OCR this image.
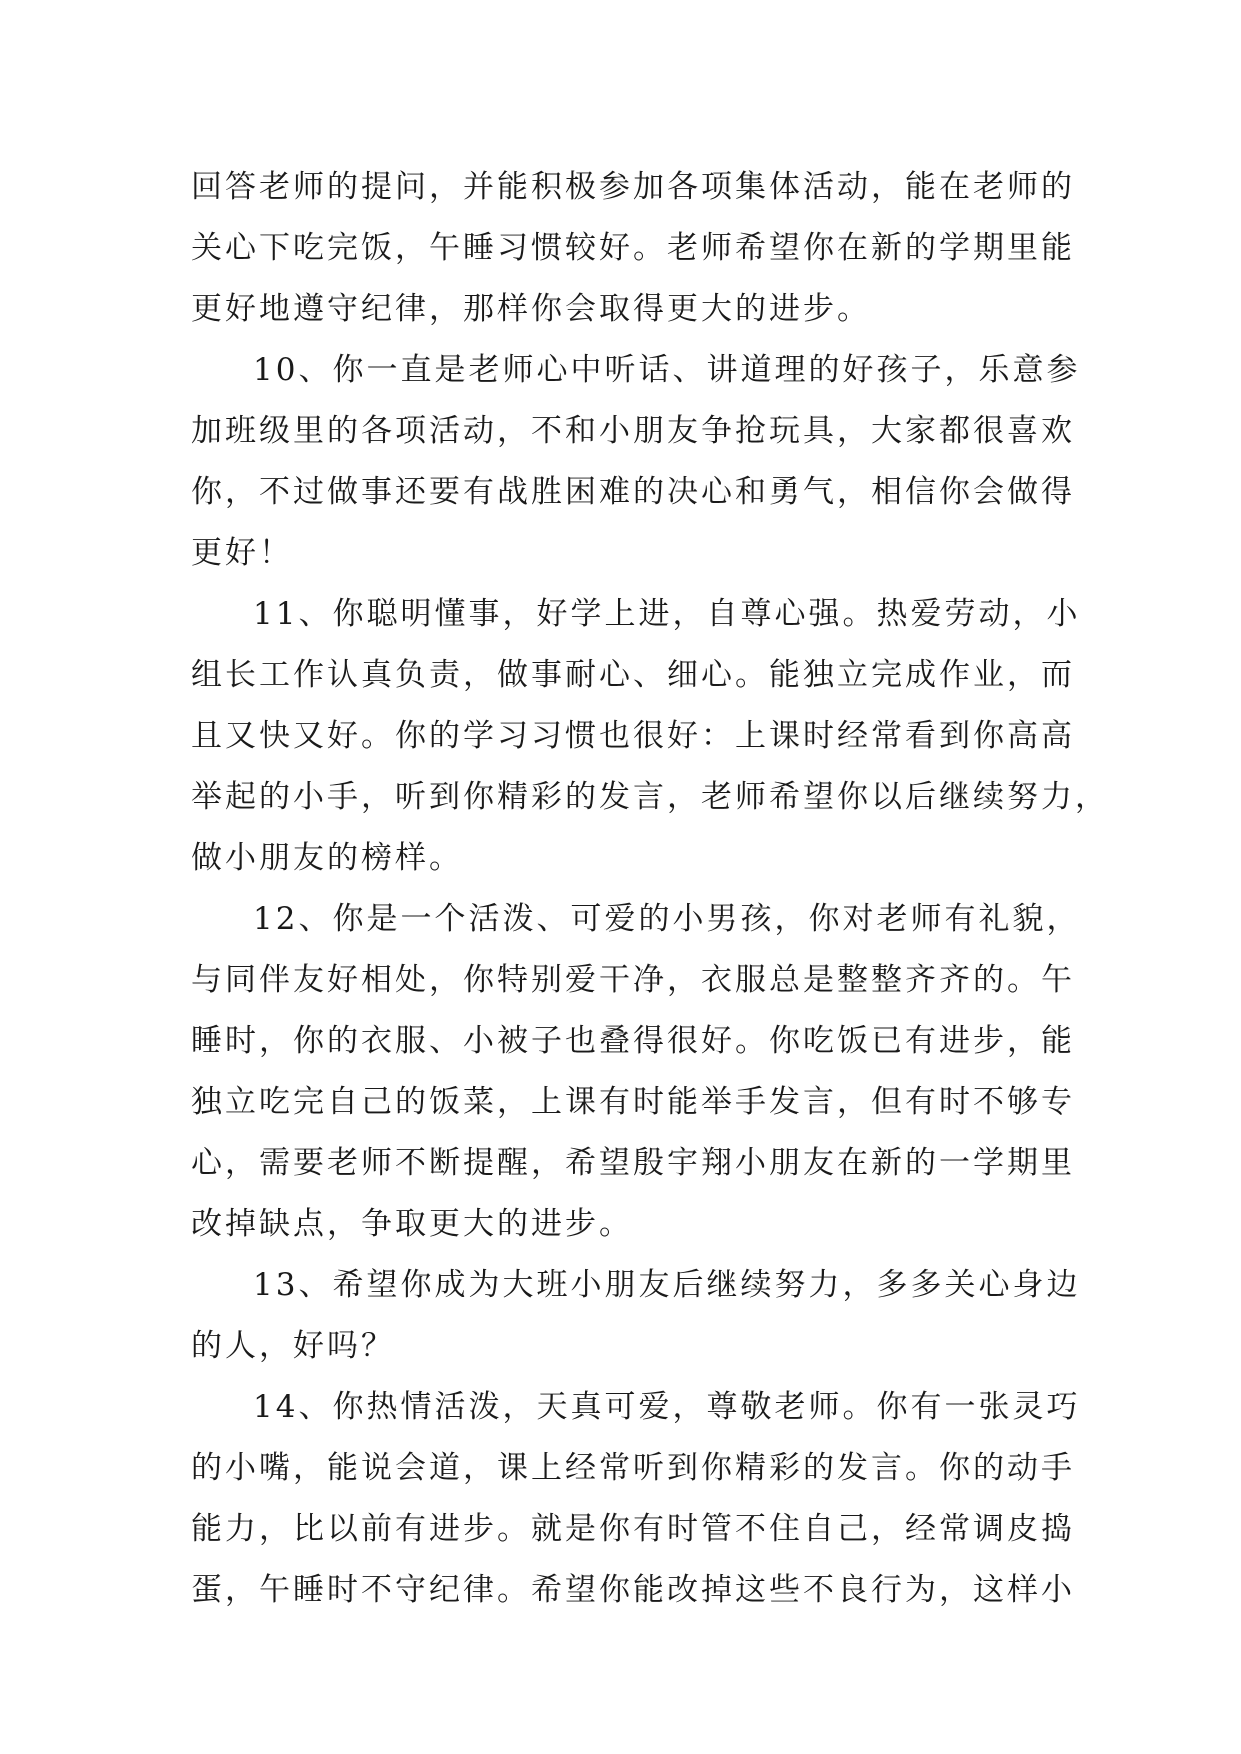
回答老师的提问，并能积极参加各项集体活动，能在老师的
关心下吃完饭，午睡习惯较好。老师希望你在新的学期里能
更好地遵守纪律，那样你会取得更大的进步。
10、你一直是老师心中听话、讲道理的好孩子，乐意参
加班级里的各项活动，不和小朋友争抢玩具，大家都很喜欢
你，不过做事还要有战胜困难的决心和勇气，相信你会做得
更好！
11、你聪明懂事，好学上进，自尊心强。热爱劳动，小
组长工作认真负责，做事耐心、细心。能独立完成作业，而
且又快又好。你的学习习惯也很好：上课时经常看到你高高
举起的小手，听到你精彩的发言，老师希望你以后继续努力，
做小朋友的榜样。
12、你是一个活泼、可爱的小男孩，你对老师有礼貌，
与同伴友好相处，你特别爱干净，衣服总是整整齐齐的。午
睡时，你的衣服、小被子也叠得很好。你吃饭已有进步，能
独立吃完自己的饭菜，上课有时能举手发言，但有时不够专
心，需要老师不断提醒，希望殷宇翔小朋友在新的一学期里
改掉缺点，争取更大的进步。
13、希望你成为大班小朋友后继续努力，多多关心身边
的人，好吗？
14、你热情活泼，天真可爱，尊敬老师。你有一张灵巧
的小嘴，能说会道，课上经常听到你精彩的发言。你的动手
能力，比以前有进步。就是你有时管不住自己，经常调皮捣
蛋，午睡时不守纪律。希望你能改掉这些不良行为，这样小
